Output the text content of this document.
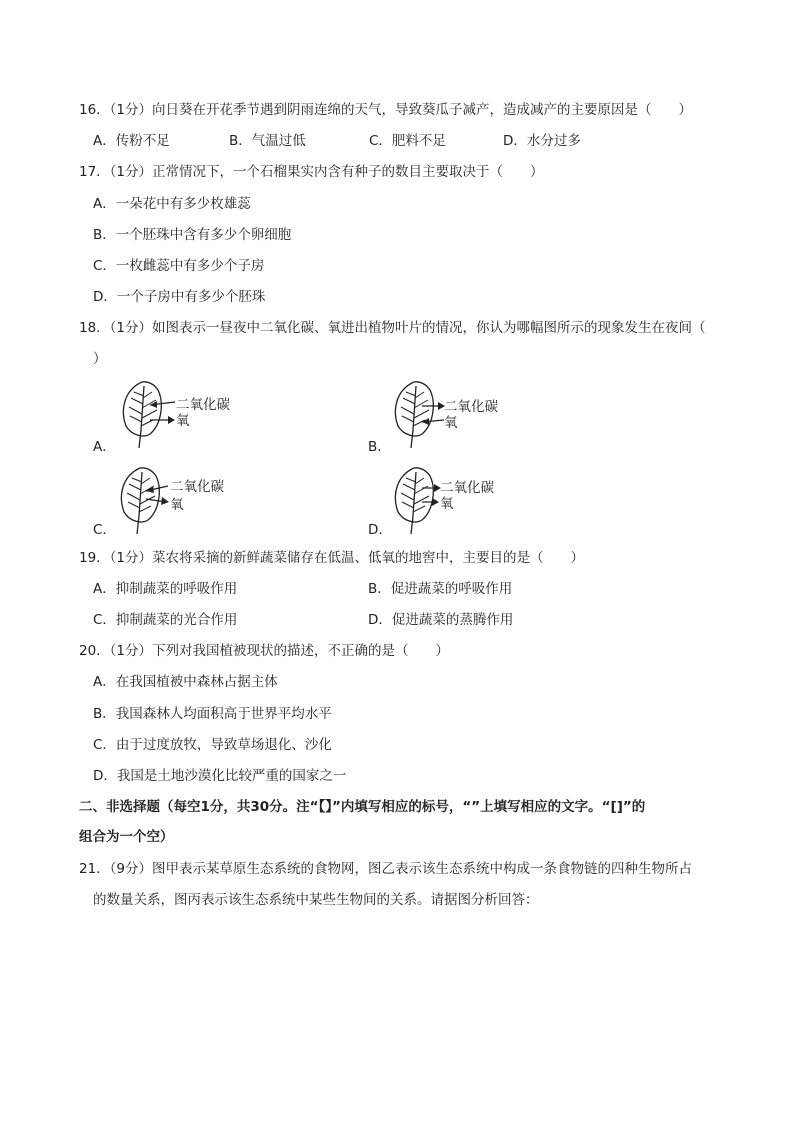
16．（1分）向日葵在开花季节遇到阴雨连绵的天气，导致葵瓜子减产，造成减产的主要原因是（　　）
A．传粉不足	B．气温过低	C．肥料不足	D．水分过多
17．（1分）正常情况下，一个石榴果实内含有种子的数目主要取决于（　　）
A．一朵花中有多少枚雄蕊
B．一个胚珠中含有多少个卵细胞
C．一枚雌蕊中有多少个子房
D．一个子房中有多少个胚珠
18．（1分）如图表示一昼夜中二氧化碳、氧进出植物叶片的情况，你认为哪幅图所示的现象发生在夜间（
）
二氧化碳
氧
A．
二氧化碳
氧
B．
二氧化碳
氧
C．
二氧化碳
氧
D．
19．（1分）菜农将采摘的新鲜蔬菜储存在低温、低氧的地窖中，主要目的是（　　）
A．抑制蔬菜的呼吸作用	B．促进蔬菜的呼吸作用
C．抑制蔬菜的光合作用	D．促进蔬菜的蒸腾作用
20．（1分）下列对我国植被现状的描述，不正确的是（　　）
A．在我国植被中森林占据主体
B．我国森林人均面积高于世界平均水平
C．由于过度放牧，导致草场退化、沙化
D．我国是土地沙漠化比较严重的国家之一
二、非选择题（每空1分，共30分。注“【】”内填写相应的标号，“”上填写相应的文字。“[]”的
组合为一个空）
21．（9分）图甲表示某草原生态系统的食物网，图乙表示该生态系统中构成一条食物链的四种生物所占
的数量关系，图丙表示该生态系统中某些生物间的关系。请据图分析回答：
